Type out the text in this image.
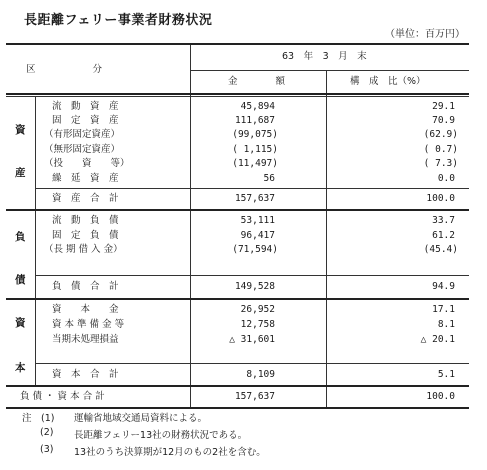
長距離フェリー事業者財務状況
（単位：百万円）
区　　　　　　分
63　年　3　月　末
金　　　　額	構　成　比（%）
資
産
流　動　資　産	45,894	29.1
固　定　資　産	111,687	70.9
（有形固定資産）	(99,075)	(62.9)
（無形固定資産）	( 1,115)	( 0.7)
（投　　資　　等）	(11,497)	( 7.3)
繰　延　資　産	56	0.0
資　産　合　計	157,637	100.0
負
債
流　動　負　債	53,111	33.7
固　定　負　債	96,417	61.2
（長 期 借 入 金）	(71,594)	(45.4)
負　債　合　計	149,528	94.9
資
本
資　　本　　金	26,952	17.1
資 本 準 備 金 等	12,758	8.1
当期未処理損益	△ 31,601	△ 20.1
資　本　合　計	8,109	5.1
負 債 ・ 資 本 合 計	157,637	100.0
注　(1) 運輸省地域交通局資料による。
(2) 長距離フェリー13社の財務状況である。
(3) 13社のうち決算期が12月のもの2社を含む。
